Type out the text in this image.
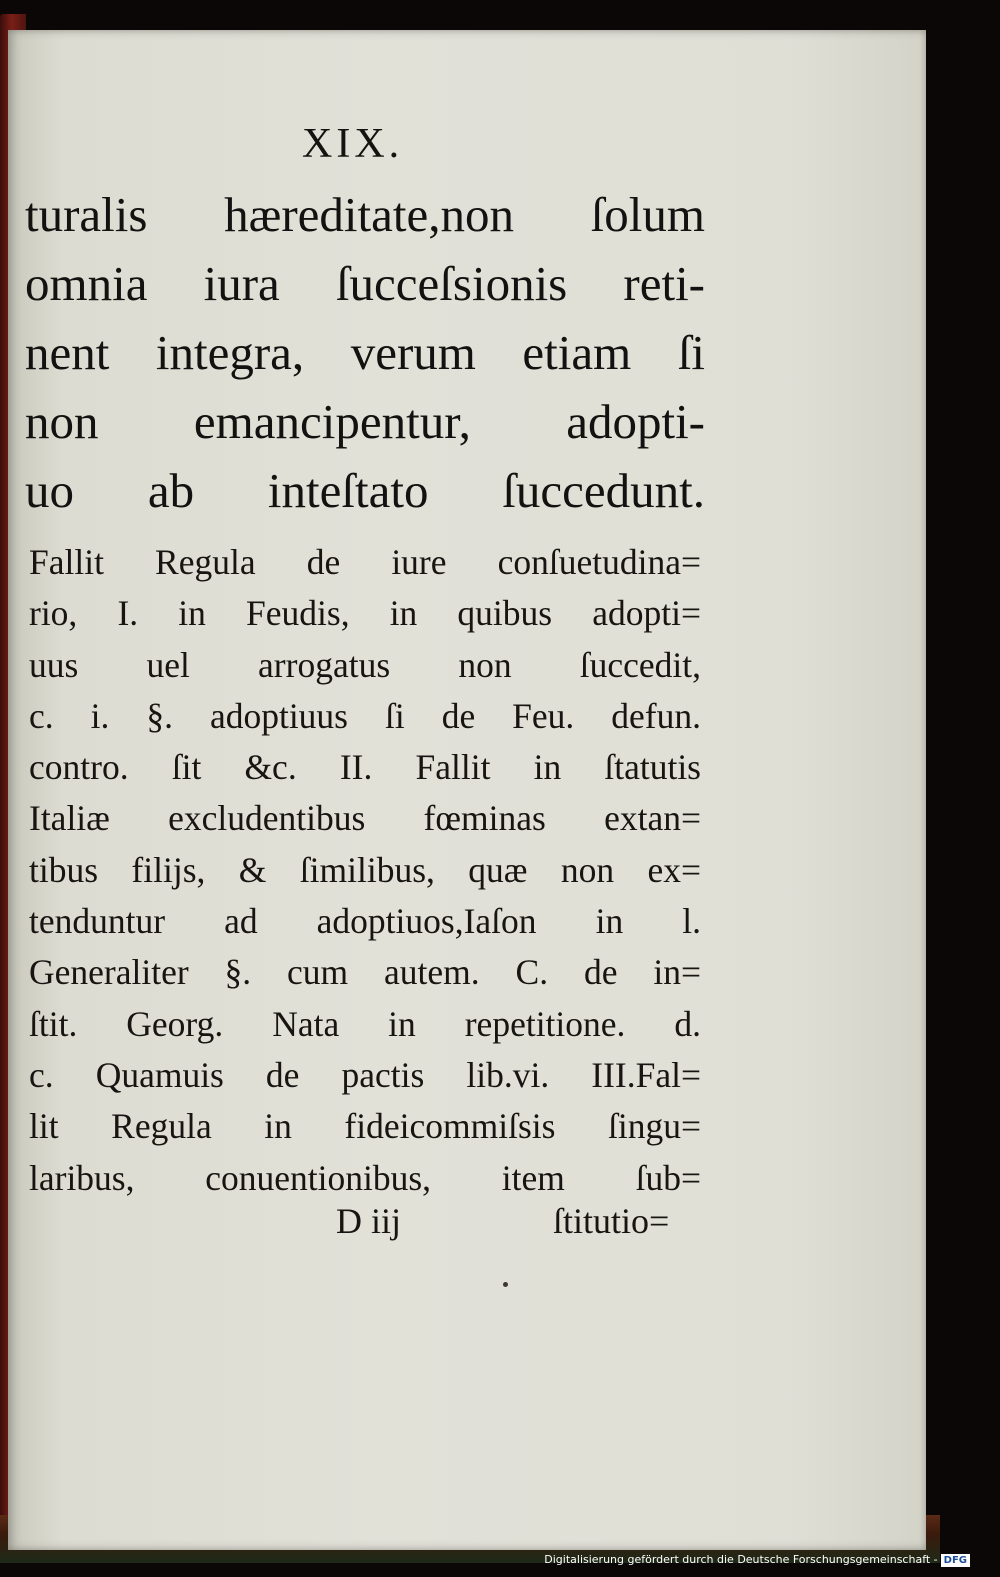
XIX.
turalis hæreditate,non ſolum
omnia iura ſucceſsionis reti-
nent integra, verum etiam ſi
non emancipentur, adopti-
uo ab inteſtato ſuccedunt.
Fallit Regula de iure conſuetudina=
rio, I. in Feudis, in quibus adopti=
uus uel arrogatus non ſuccedit,
c. i. §. adoptiuus ſi de Feu. defun.
contro. ſit &c. II. Fallit in ſtatutis
Italiæ excludentibus fœminas extan=
tibus filijs, & ſimilibus, quæ non ex=
tenduntur ad adoptiuos,Iaſon in l.
Generaliter §. cum autem. C. de in=
ſtit. Georg. Nata in repetitione. d.
c. Quamuis de pactis lib.vi. III.Fal=
lit Regula in fideicommiſsis ſingu=
laribus, conuentionibus, item ſub=
D iij	ſtitutio=
Digitalisierung gefördert durch die Deutsche Forschungsgemeinschaft - DFG
